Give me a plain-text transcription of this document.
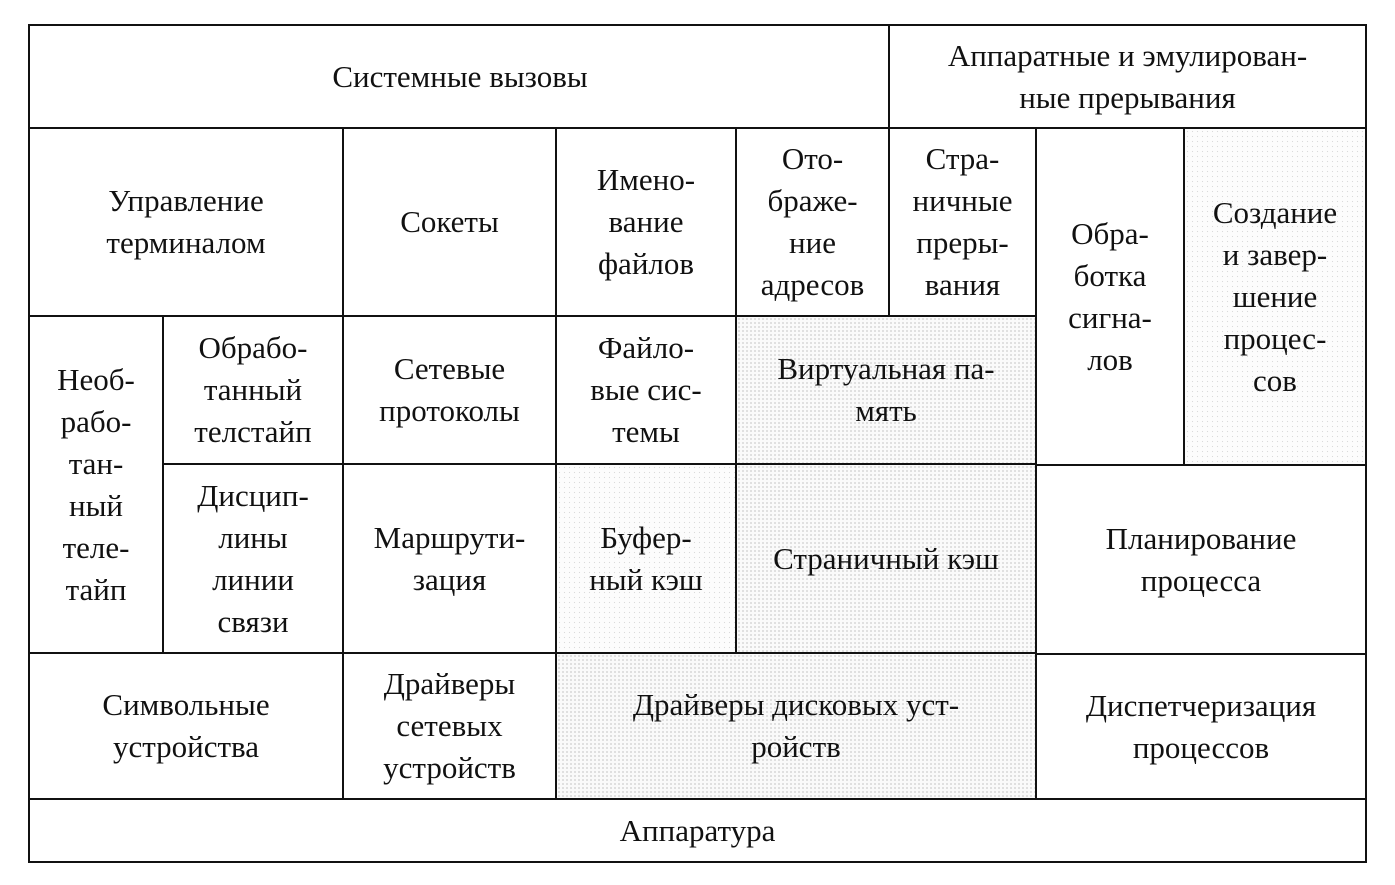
Системные вызовы
Аппаратные и эмулирован-
ные прерывания
Управление
терминалом
Сокеты
Имено-
вание
файлов
Ото-
браже-
ние
адресов
Стра-
ничные
преры-
вания
Обра-
ботка
сигна-
лов
Создание
и завер-
шение
процес-
сов
Необ-
рабо-
тан-
ный
теле-
тайп
Обрабо-
танный
телстайп
Сетевые
протоколы
Файло-
вые сис-
темы
Виртуальная па-
мять
Дисцип-
лины
линии
связи
Маршрути-
зация
Буфер-
ный кэш
Страничный кэш
Планирование
процесса
Символьные
устройства
Драйверы
сетевых
устройств
Драйверы дисковых уст-
ройств
Диспетчеризация
процессов
Аппаратура
